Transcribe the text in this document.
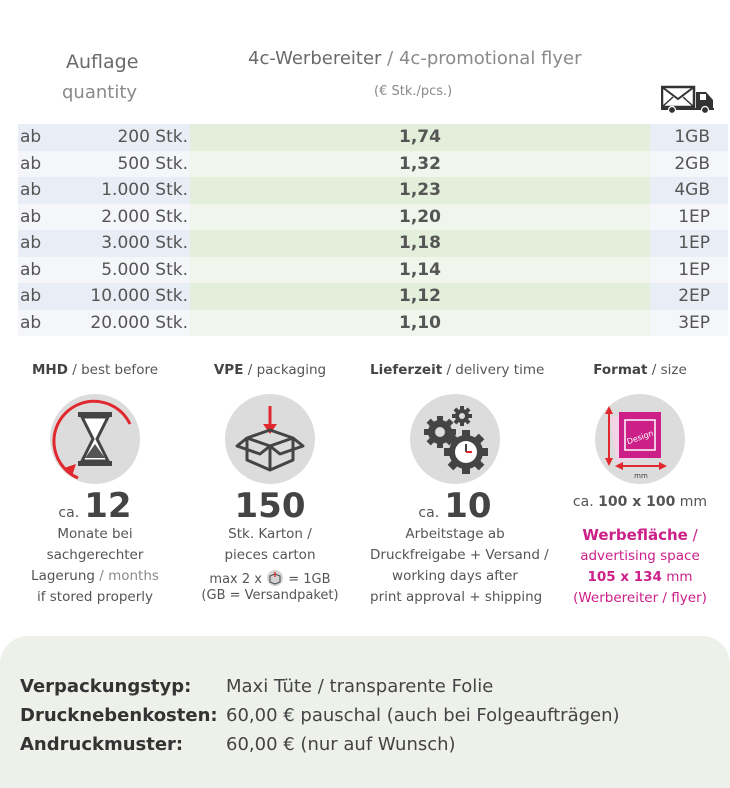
Auflage
quantity
4c-Werbereiter / 4c-promotional flyer
(€ Stk./pcs.)
ab	200 Stk.	1,74	1GB
ab	500 Stk.	1,32	2GB
ab	1.000 Stk.	1,23	4GB
ab	2.000 Stk.	1,20	1EP
ab	3.000 Stk.	1,18	1EP
ab	5.000 Stk.	1,14	1EP
ab	10.000 Stk.	1,12	2EP
ab	20.000 Stk.	1,10	3EP
MHD / best before
ca. 12
Monate bei
sachgerechter
Lagerung / months
if stored properly
VPE / packaging
150
Stk. Karton /
pieces carton
max 2 x = 1GB
(GB = Versandpaket)
Lieferzeit / delivery time
ca. 10
Arbeitstage ab
Druckfreigabe + Versand /
working days after
print approval + shipping
Format / size
Design
mm
ca. 100 x 100 mm
Werbefläche /
advertising space
105 x 134 mm
(Werbereiter / flyer)
Verpackungstyp: Maxi Tüte / transparente Folie
Drucknebenkosten: 60,00 € pauschal (auch bei Folgeaufträgen)
Andruckmuster: 60,00 € (nur auf Wunsch)
